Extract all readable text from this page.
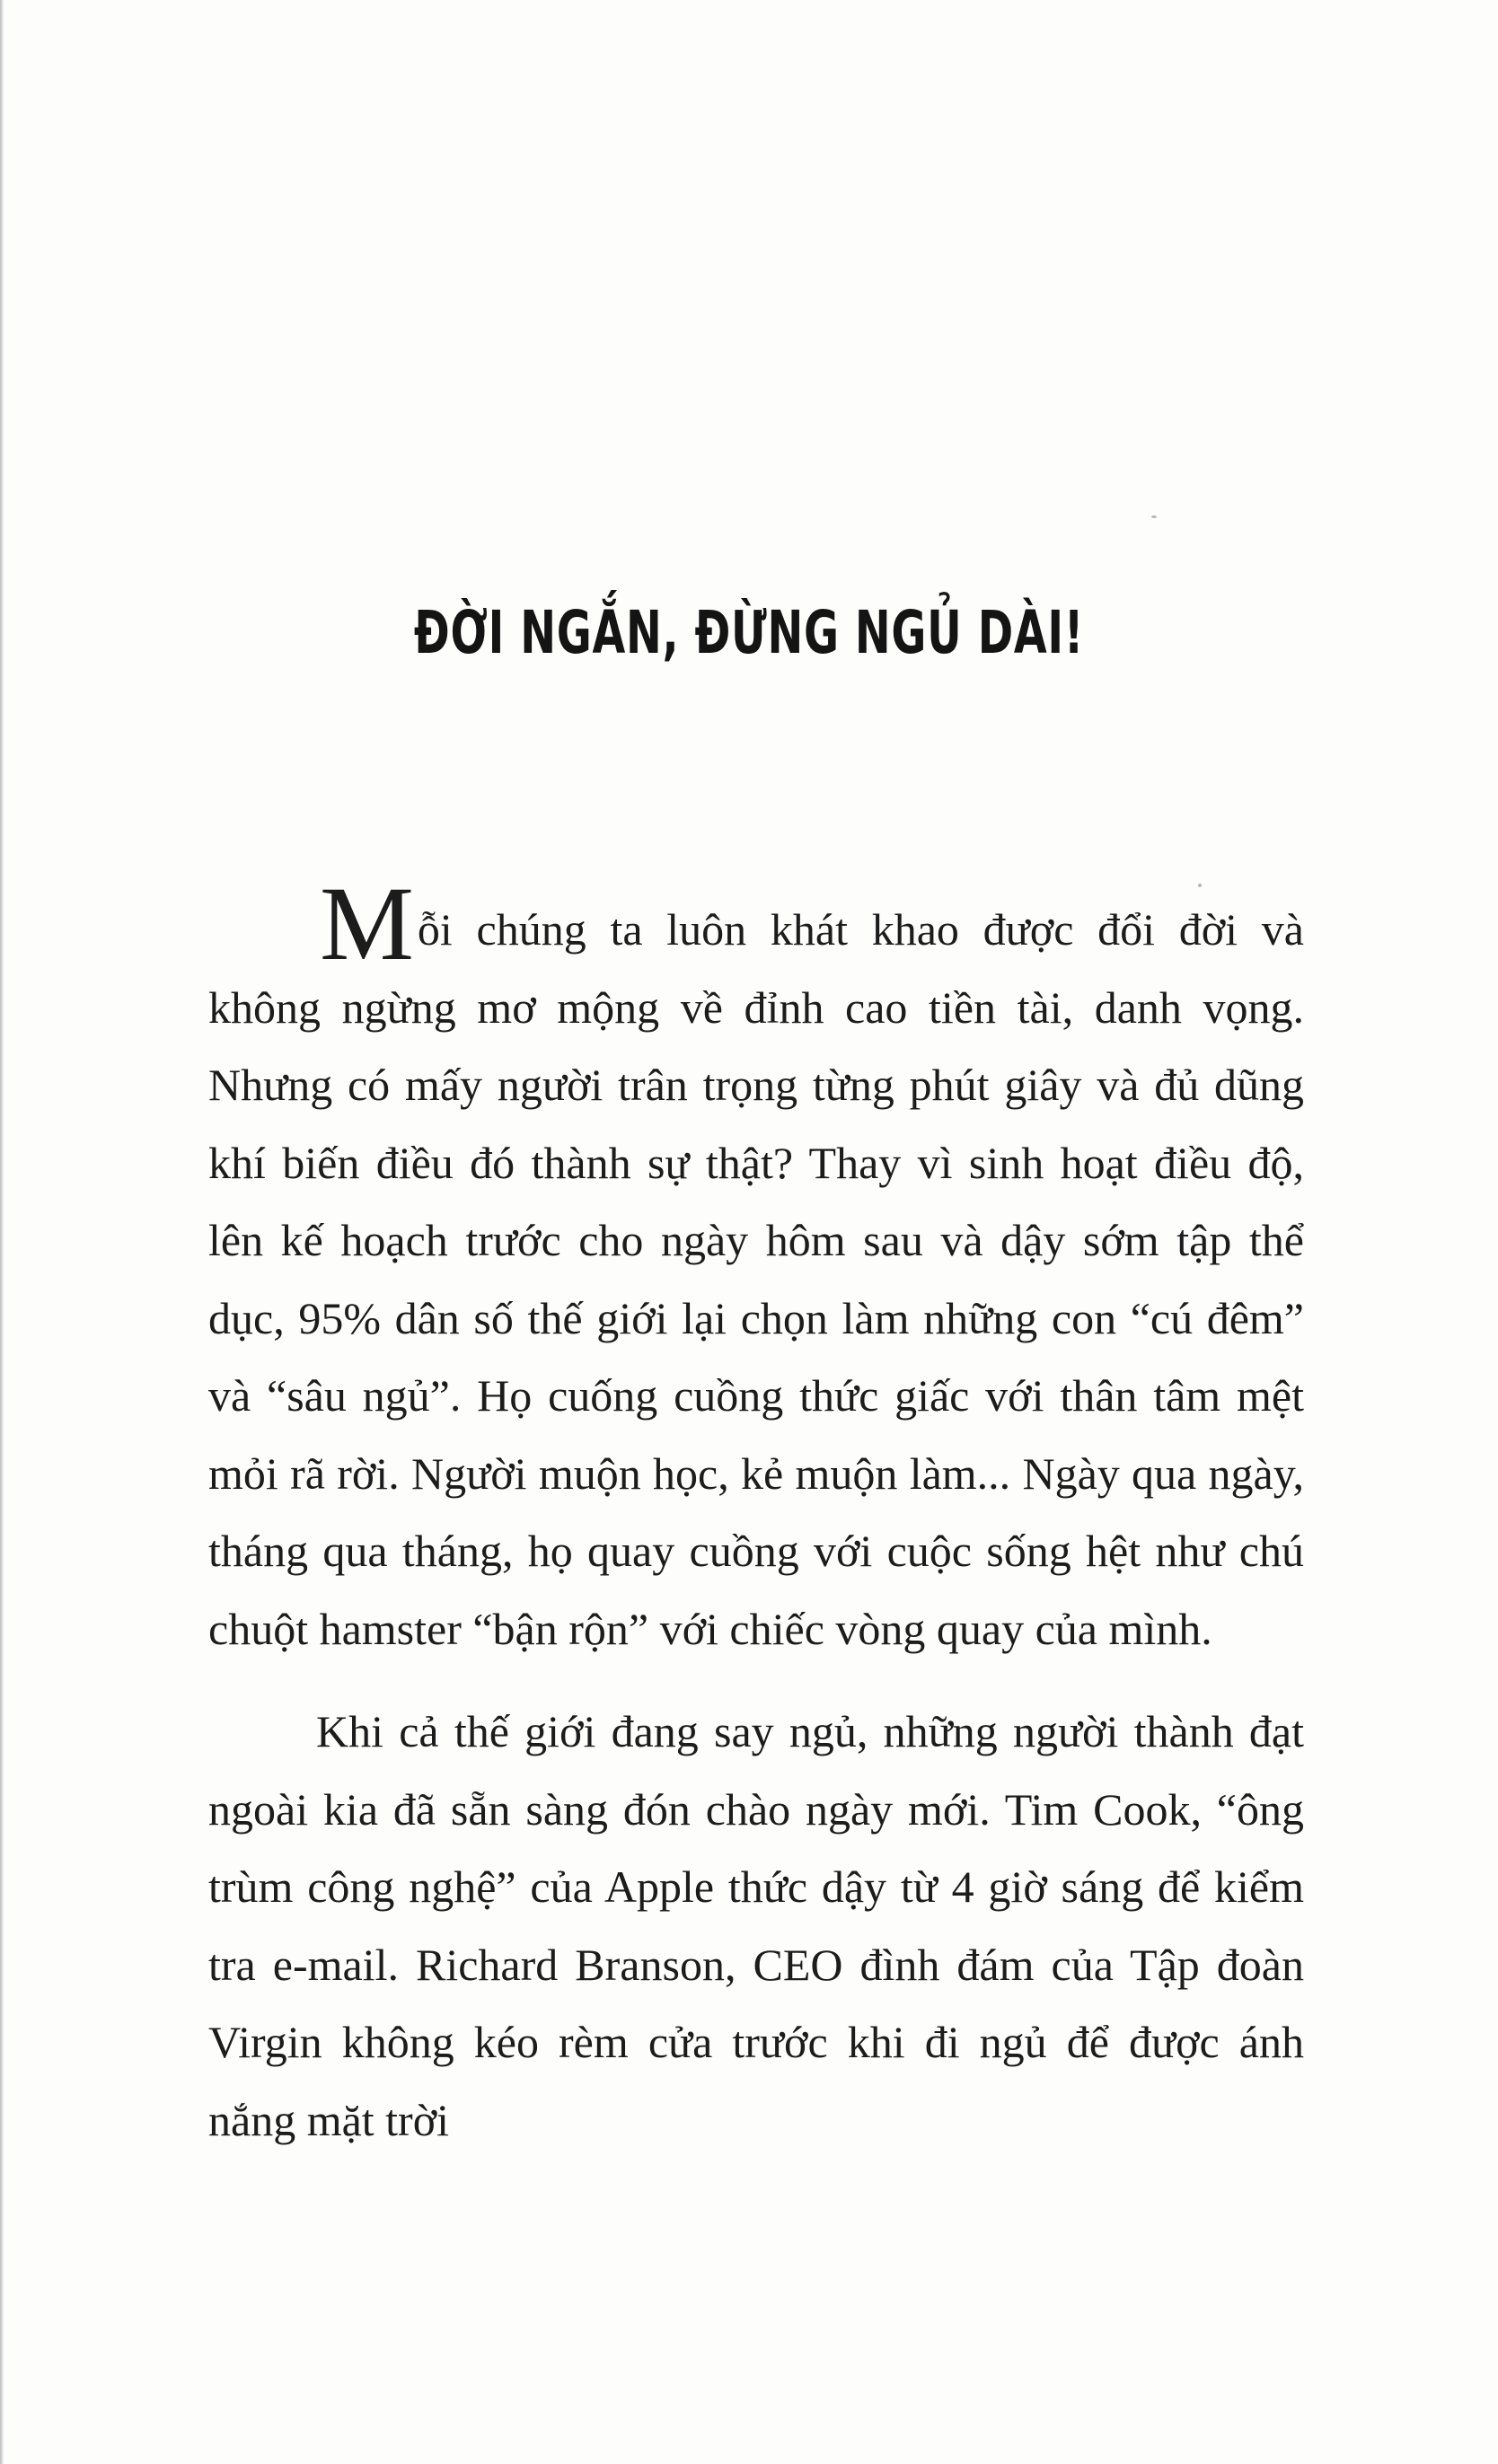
ĐỜI NGẮN, ĐỪNG NGỦ DÀI!

Mỗi chúng ta luôn khát khao được đổi đời và không ngừng mơ mộng về đỉnh cao tiền tài, danh vọng. Nhưng có mấy người trân trọng từng phút giây và đủ dũng khí biến điều đó thành sự thật? Thay vì sinh hoạt điều độ, lên kế hoạch trước cho ngày hôm sau và dậy sớm tập thể dục, 95% dân số thế giới lại chọn làm những con “cú đêm” và “sâu ngủ”. Họ cuống cuồng thức giấc với thân tâm mệt mỏi rã rời. Người muộn học, kẻ muộn làm... Ngày qua ngày, tháng qua tháng, họ quay cuồng với cuộc sống hệt như chú chuột hamster “bận rộn” với chiếc vòng quay của mình.

Khi cả thế giới đang say ngủ, những người thành đạt ngoài kia đã sẵn sàng đón chào ngày mới. Tim Cook, “ông trùm công nghệ” của Apple thức dậy từ 4 giờ sáng để kiểm tra e-mail. Richard Branson, CEO đình đám của Tập đoàn Virgin không kéo rèm cửa trước khi đi ngủ để được ánh nắng mặt trời
